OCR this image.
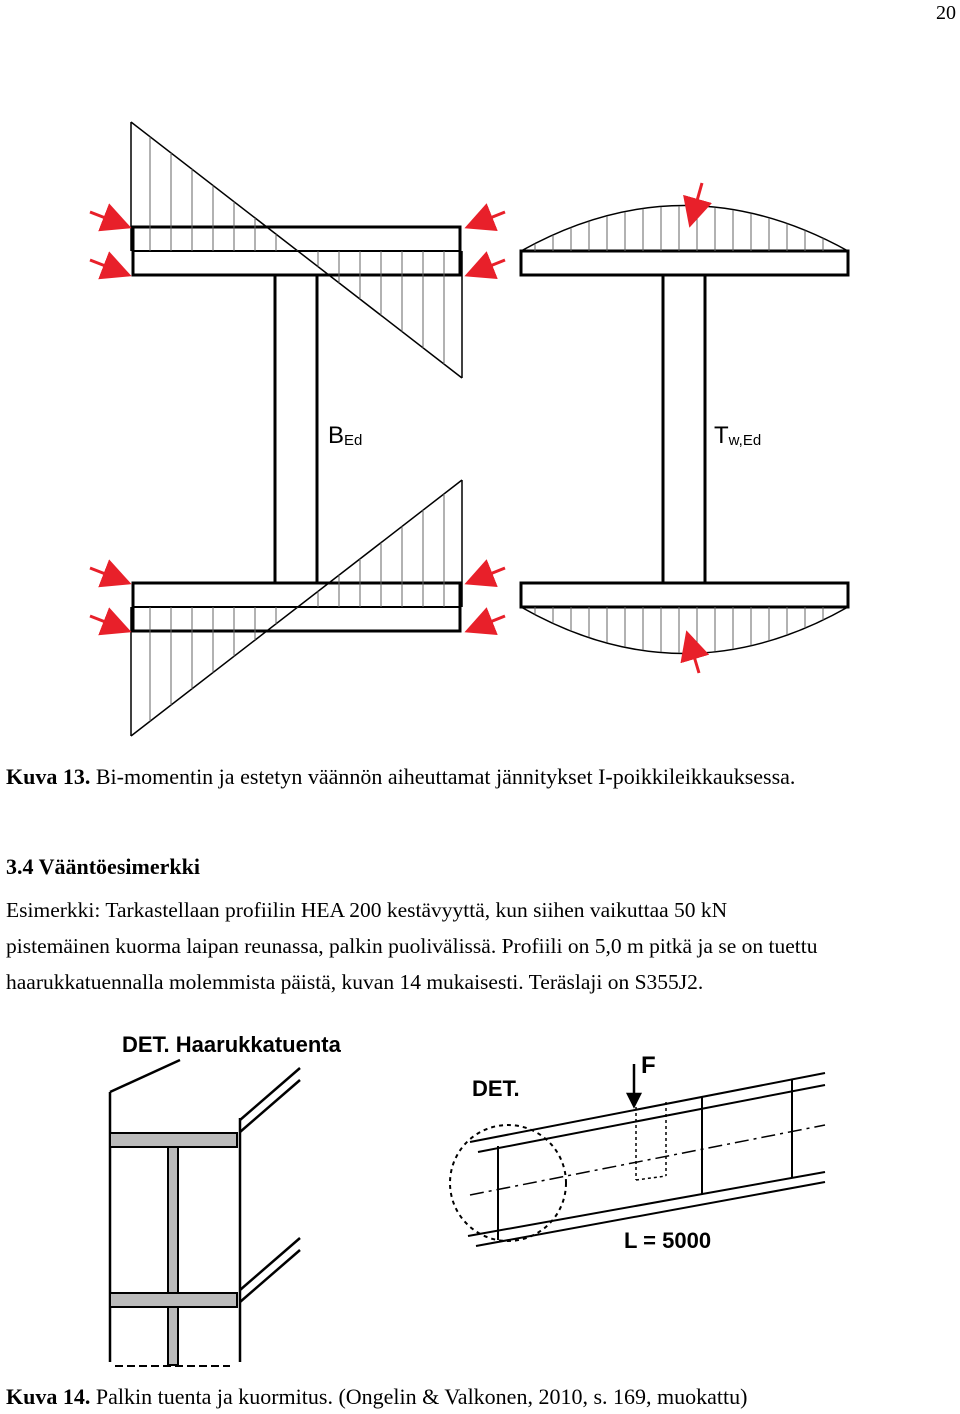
20
BEd	Tw,Ed
Kuva 13. Bi-momentin ja estetyn väännön aiheuttamat jännitykset I-poikkileikkauksessa.
3.4 Vääntöesimerkki
Esimerkki: Tarkastellaan profiilin HEA 200 kestävyyttä, kun siihen vaikuttaa 50 kN
pistemäinen kuorma laipan reunassa, palkin puolivälissä. Profiili on 5,0 m pitkä ja se on tuettu
haarukkatuennalla molemmista päistä, kuvan 14 mukaisesti. Teräslaji on S355J2.
DET. Haarukkatuenta
DET.
F
L = 5000
Kuva 14. Palkin tuenta ja kuormitus. (Ongelin & Valkonen, 2010, s. 169, muokattu)
